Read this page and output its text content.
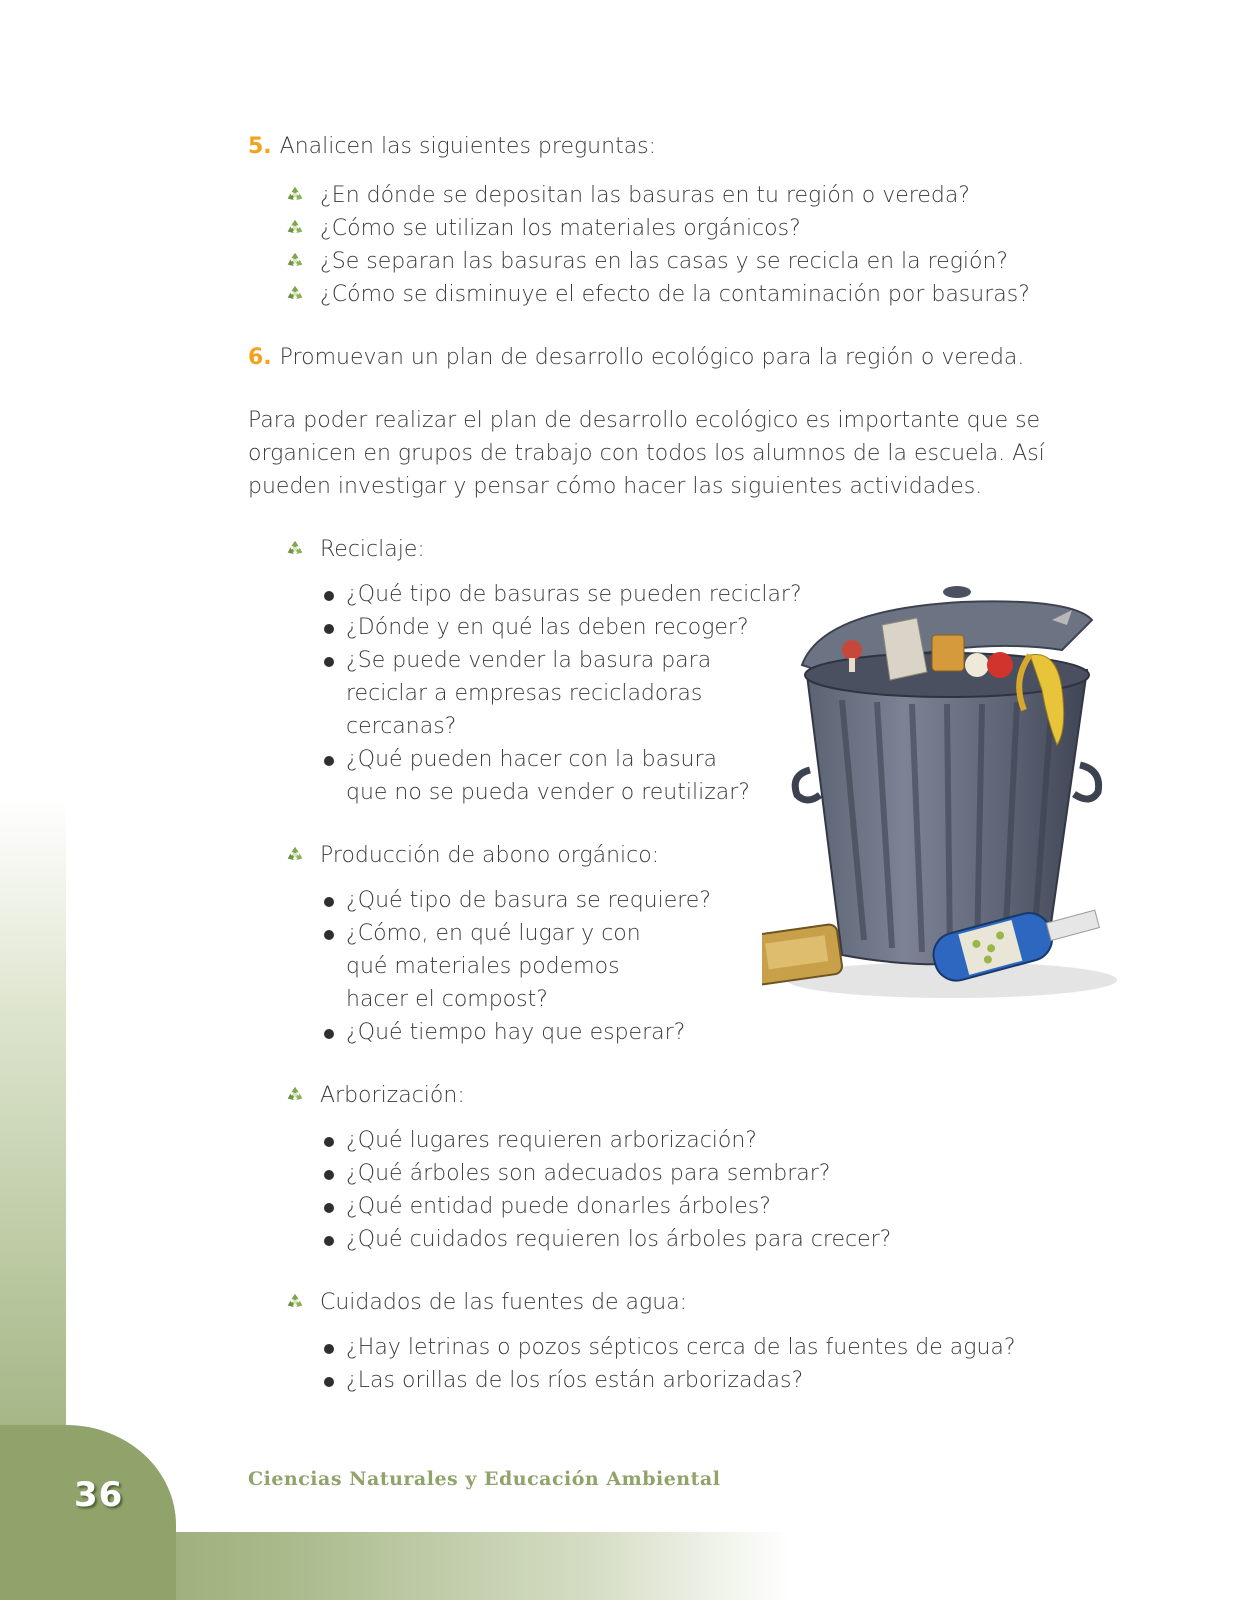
36	Ciencias Naturales y Educación Ambiental

5. Analicen las siguientes preguntas:

¿En dónde se depositan las basuras en tu región o vereda?
¿Cómo se utilizan los materiales orgánicos?
¿Se separan las basuras en las casas y se recicla en la región?
¿Cómo se disminuye el efecto de la contaminación por basuras?

6. Promuevan un plan de desarrollo ecológico para la región o vereda.

Para poder realizar el plan de desarrollo ecológico es importante que se organicen en grupos de trabajo con todos los alumnos de la escuela. Así pueden investigar y pensar cómo hacer las siguientes actividades.

Reciclaje:
¿Qué tipo de basuras se pueden reciclar?
¿Dónde y en qué las deben recoger?
¿Se puede vender la basura para reciclar a empresas recicladoras cercanas?
¿Qué pueden hacer con la basura que no se pueda vender o reutilizar?
Producción de abono orgánico:
¿Qué tipo de basura se requiere?
¿Cómo, en qué lugar y con qué materiales podemos hacer el compost?
¿Qué tiempo hay que esperar?
Arborización:
¿Qué lugares requieren arborización?
¿Qué árboles son adecuados para sembrar?
¿Qué entidad puede donarles árboles?
¿Qué cuidados requieren los árboles para crecer?
Cuidados de las fuentes de agua:
¿Hay letrinas o pozos sépticos cerca de las fuentes de agua?
¿Las orillas de los ríos están arborizadas?
